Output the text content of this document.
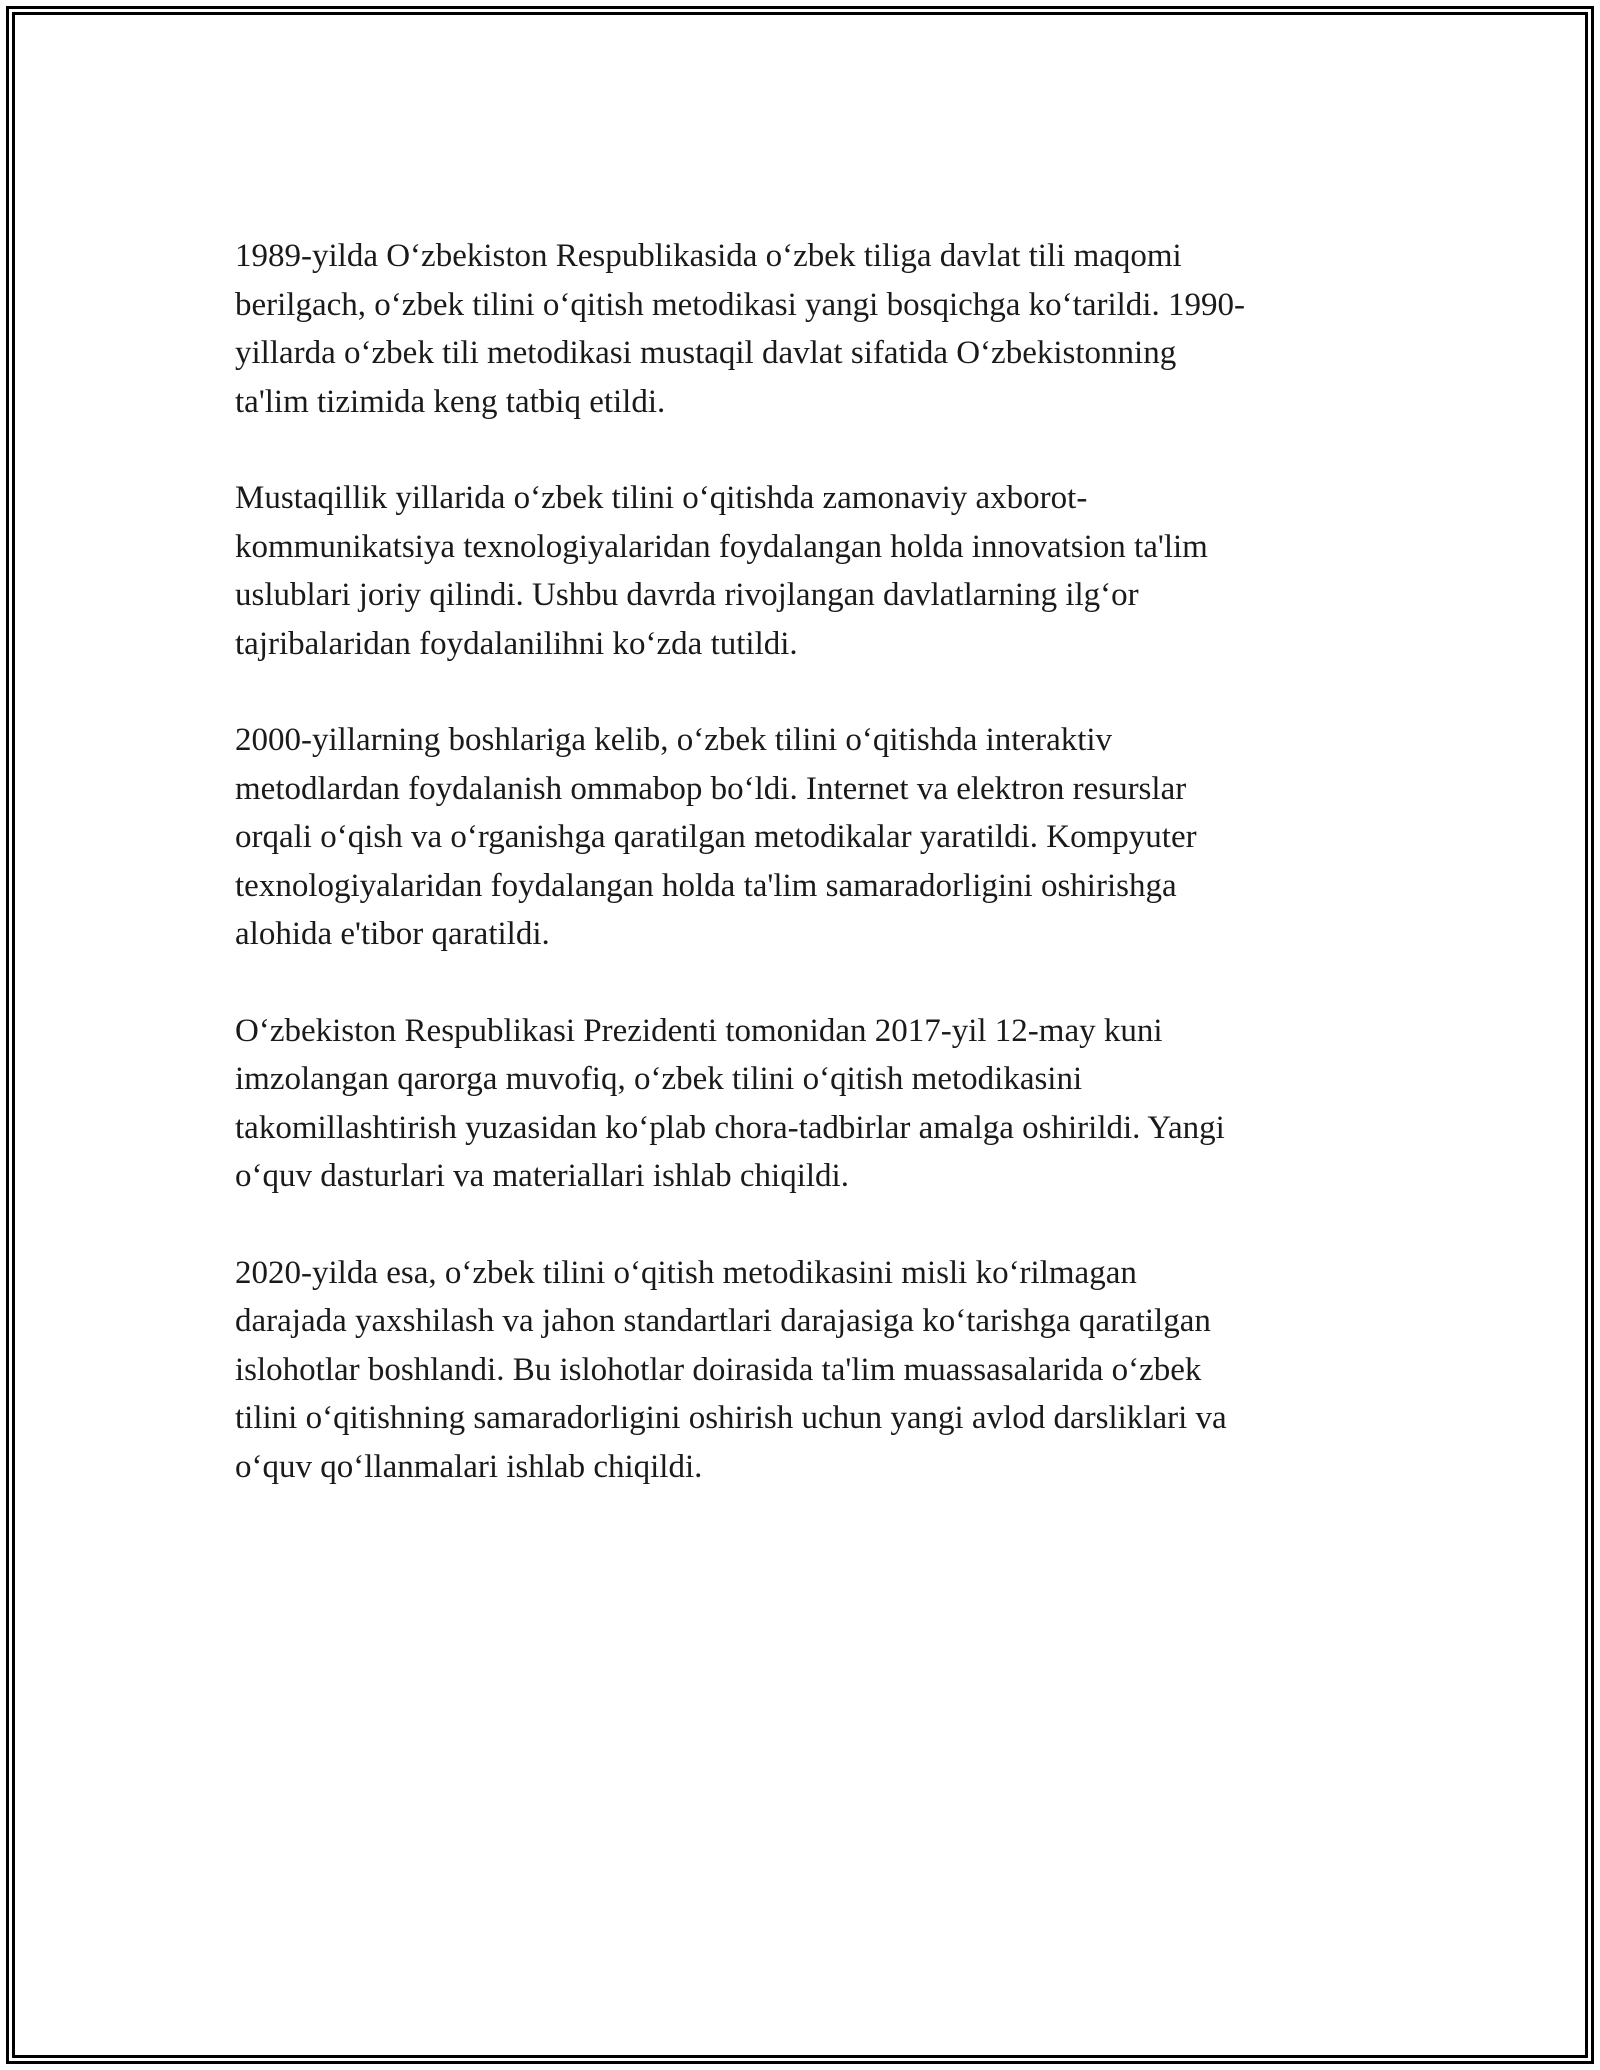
1989-yilda O‘zbekiston Respublikasida o‘zbek tiliga davlat tili maqomi
berilgach, o‘zbek tilini o‘qitish metodikasi yangi bosqichga ko‘tarildi. 1990-
yillarda o‘zbek tili metodikasi mustaqil davlat sifatida O‘zbekistonning
ta'lim tizimida keng tatbiq etildi.

Mustaqillik yillarida o‘zbek tilini o‘qitishda zamonaviy axborot-
kommunikatsiya texnologiyalaridan foydalangan holda innovatsion ta'lim
uslublari joriy qilindi. Ushbu davrda rivojlangan davlatlarning ilg‘or
tajribalaridan foydalanilihni ko‘zda tutildi.

2000-yillarning boshlariga kelib, o‘zbek tilini o‘qitishda interaktiv
metodlardan foydalanish ommabop bo‘ldi. Internet va elektron resurslar
orqali o‘qish va o‘rganishga qaratilgan metodikalar yaratildi. Kompyuter
texnologiyalaridan foydalangan holda ta'lim samaradorligini oshirishga
alohida e'tibor qaratildi.

O‘zbekiston Respublikasi Prezidenti tomonidan 2017-yil 12-may kuni
imzolangan qarorga muvofiq, o‘zbek tilini o‘qitish metodikasini
takomillashtirish yuzasidan ko‘plab chora-tadbirlar amalga oshirildi. Yangi
o‘quv dasturlari va materiallari ishlab chiqildi.

2020-yilda esa, o‘zbek tilini o‘qitish metodikasini misli ko‘rilmagan
darajada yaxshilash va jahon standartlari darajasiga ko‘tarishga qaratilgan
islohotlar boshlandi. Bu islohotlar doirasida ta'lim muassasalarida o‘zbek
tilini o‘qitishning samaradorligini oshirish uchun yangi avlod darsliklari va
o‘quv qo‘llanmalari ishlab chiqildi.
